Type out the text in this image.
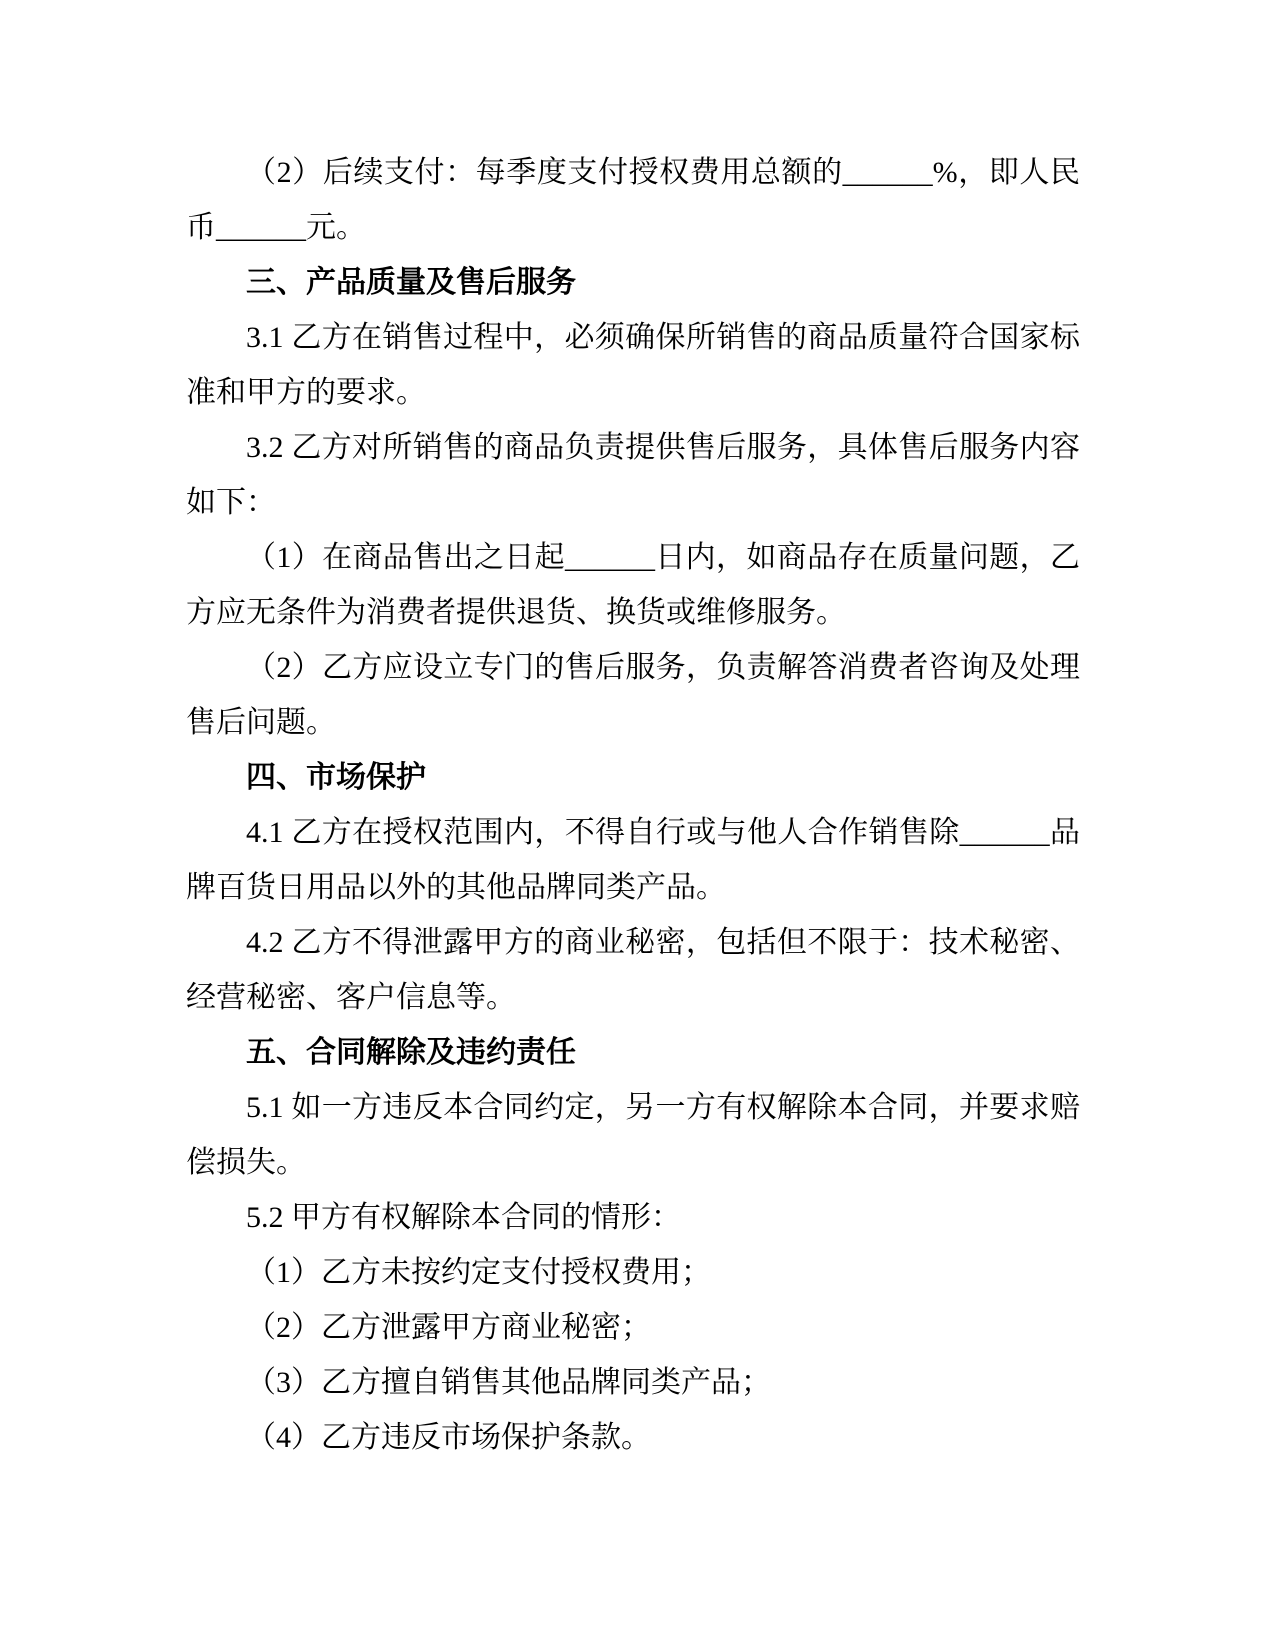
（2）后续支付：每季度支付授权费用总额的______%，即人民币______元。

三、产品质量及售后服务

3.1 乙方在销售过程中，必须确保所销售的商品质量符合国家标准和甲方的要求。

3.2 乙方对所销售的商品负责提供售后服务，具体售后服务内容如下：

（1）在商品售出之日起______日内，如商品存在质量问题，乙方应无条件为消费者提供退货、换货或维修服务。

（2）乙方应设立专门的售后服务，负责解答消费者咨询及处理售后问题。

四、市场保护

4.1 乙方在授权范围内，不得自行或与他人合作销售除______品牌百货日用品以外的其他品牌同类产品。

4.2 乙方不得泄露甲方的商业秘密，包括但不限于：技术秘密、经营秘密、客户信息等。

五、合同解除及违约责任

5.1 如一方违反本合同约定，另一方有权解除本合同，并要求赔偿损失。

5.2 甲方有权解除本合同的情形：

（1）乙方未按约定支付授权费用；

（2）乙方泄露甲方商业秘密；

（3）乙方擅自销售其他品牌同类产品；

（4）乙方违反市场保护条款。
